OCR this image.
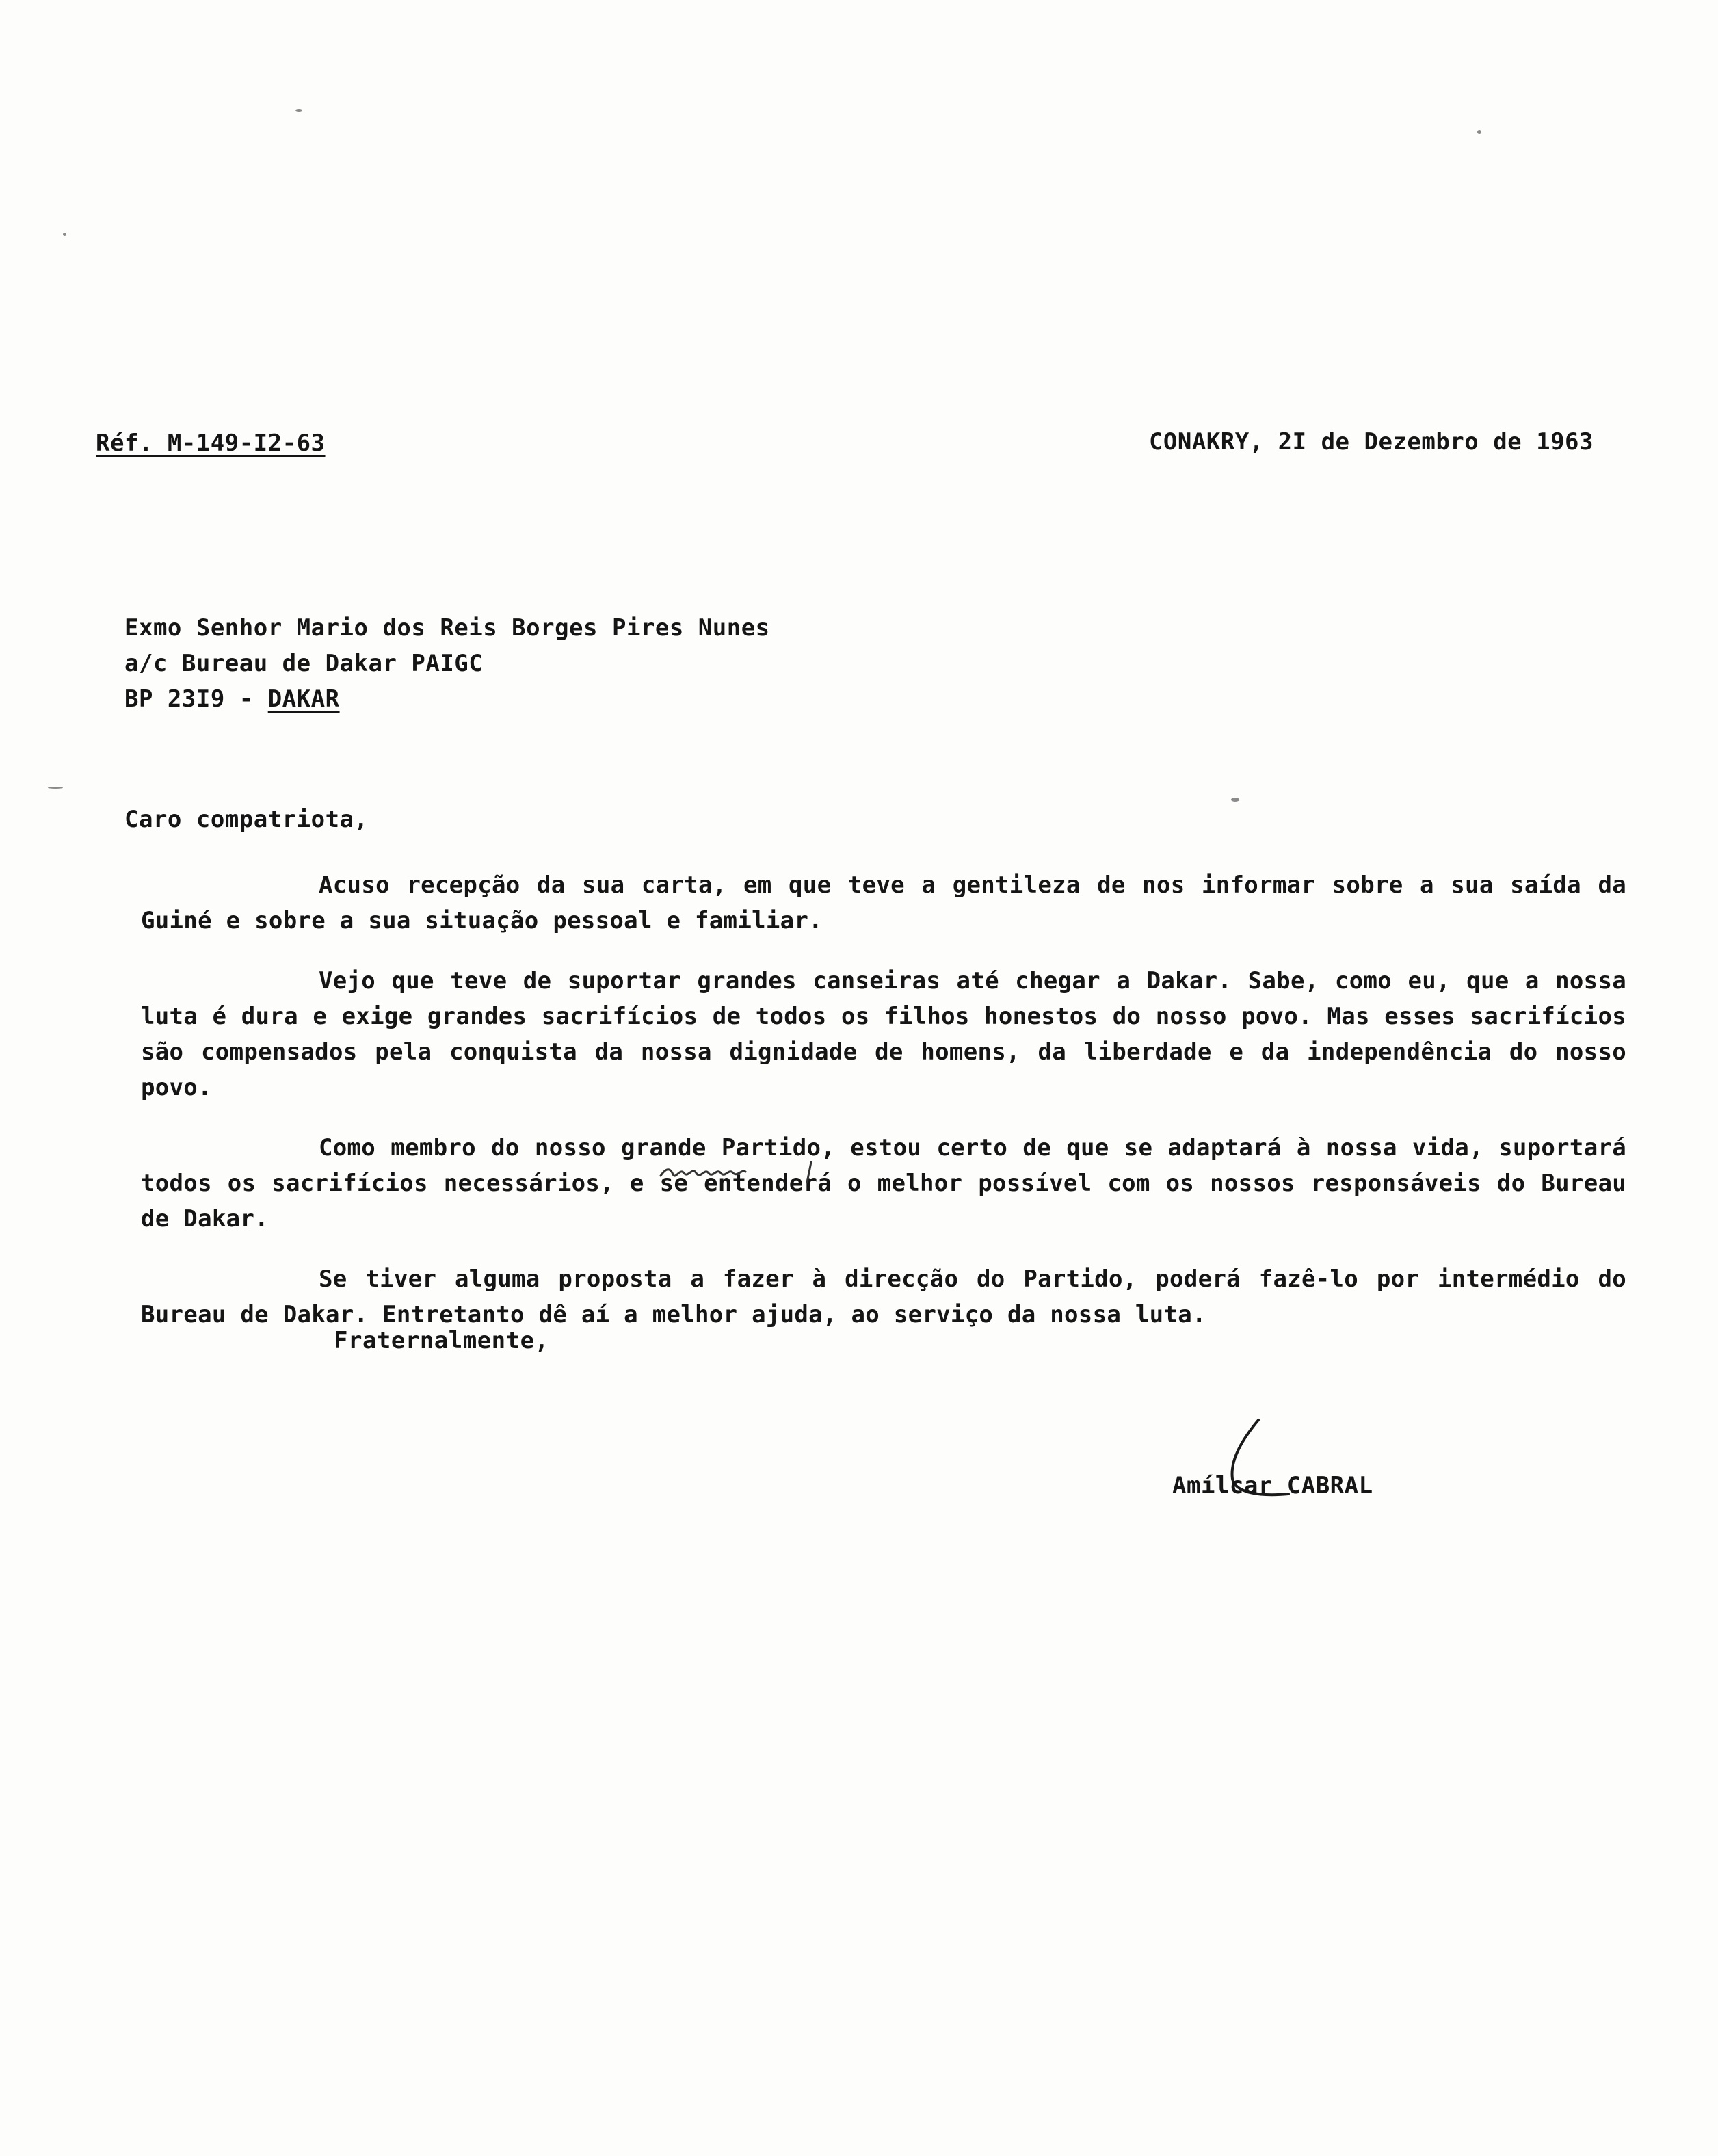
Réf. M-149-I2-63	CONAKRY, 2I de Dezembro de 1963
Exmo Senhor Mario dos Reis Borges Pires Nunes
a/c Bureau de Dakar PAIGC
BP 23I9 - DAKAR
Caro compatriota,

Acuso recepção da sua carta, em que teve a gentileza de nos informar sobre a sua saída da Guiné e sobre a sua situação pessoal e familiar.

Vejo que teve de suportar grandes canseiras até chegar a Dakar. Sabe, como eu, que a nossa luta é dura e exige grandes sacrifícios de todos os filhos honestos do nosso povo. Mas esses sacrifícios são compensados pela conquista da nossa dignidade de homens, da liberdade e da independência do nosso povo.

Como membro do nosso grande Partido, estou certo de que se adaptará à nossa vida, suportará todos os sacrifícios necessários, e se entenderá o melhor possível com os nossos responsáveis do Bureau de Dakar.

Se tiver alguma proposta a fazer à direcção do Partido, poderá fazê-lo por intermédio do Bureau de Dakar. Entretanto dê aí a melhor ajuda, ao serviço da nossa luta.

Fraternalmente,
Amílcar CABRAL
